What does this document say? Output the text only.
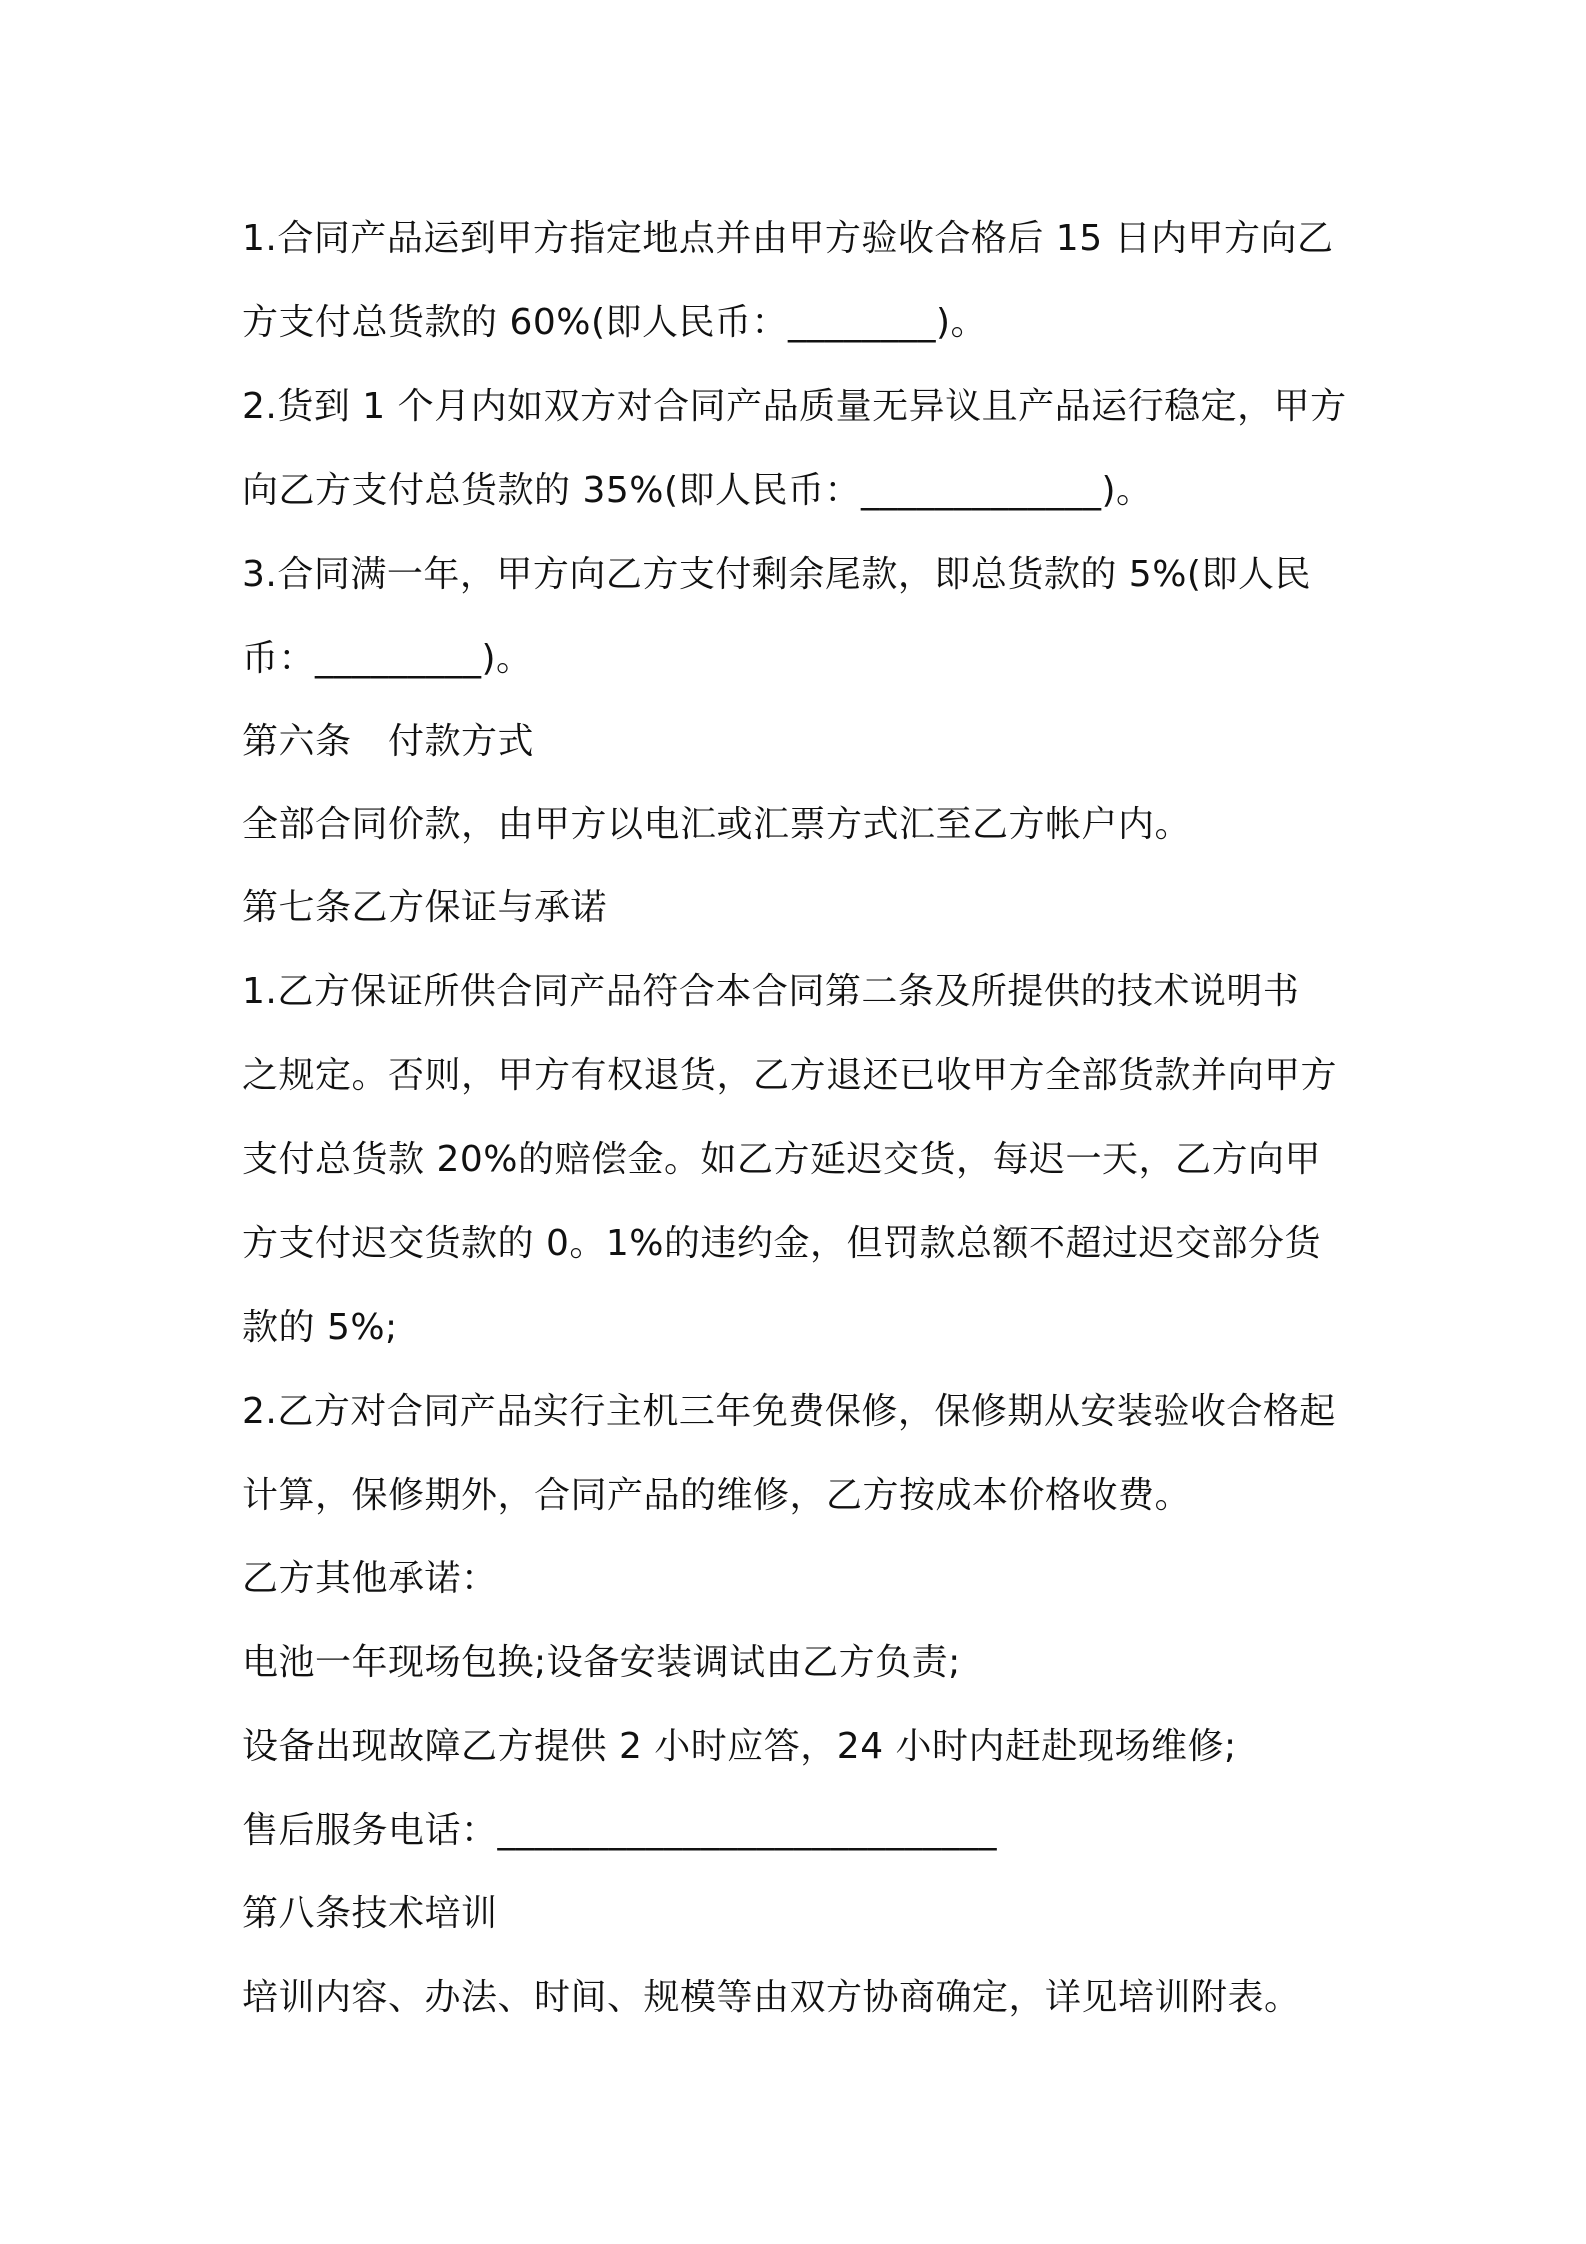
1.合同产品运到甲方指定地点并由甲方验收合格后 15 日内甲方向乙

方支付总货款的 60%(即人民币：________)。

2.货到 1 个月内如双方对合同产品质量无异议且产品运行稳定，甲方

向乙方支付总货款的 35%(即人民币：_____________)。

3.合同满一年，甲方向乙方支付剩余尾款，即总货款的 5%(即人民

币：_________)。

第六条　付款方式

全部合同价款，由甲方以电汇或汇票方式汇至乙方帐户内。

第七条乙方保证与承诺

1.乙方保证所供合同产品符合本合同第二条及所提供的技术说明书

之规定。否则，甲方有权退货，乙方退还已收甲方全部货款并向甲方

支付总货款 20%的赔偿金。如乙方延迟交货，每迟一天，乙方向甲

方支付迟交货款的 0。1%的违约金，但罚款总额不超过迟交部分货

款的 5%;

2.乙方对合同产品实行主机三年免费保修，保修期从安装验收合格起

计算，保修期外，合同产品的维修，乙方按成本价格收费。

乙方其他承诺：

电池一年现场包换;设备安装调试由乙方负责;

设备出现故障乙方提供 2 小时应答，24 小时内赶赴现场维修;

售后服务电话：___________________________

第八条技术培训

培训内容、办法、时间、规模等由双方协商确定，详见培训附表。
